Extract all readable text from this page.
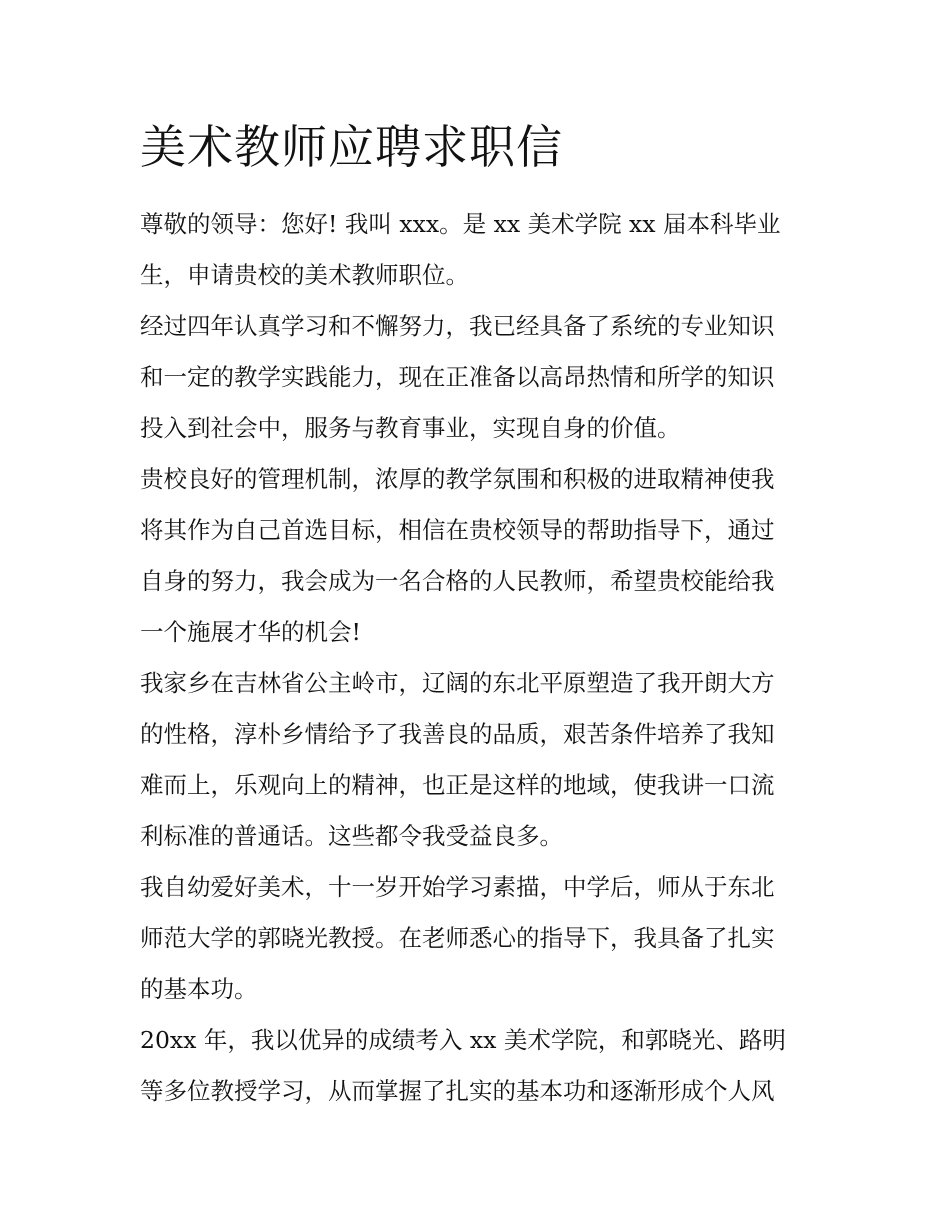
美术教师应聘求职信
尊敬的领导：您好! 我叫 xxx。是 xx 美术学院 xx 届本科毕业
生，申请贵校的美术教师职位。
经过四年认真学习和不懈努力，我已经具备了系统的专业知识
和一定的教学实践能力，现在正准备以高昂热情和所学的知识
投入到社会中，服务与教育事业，实现自身的价值。
贵校良好的管理机制，浓厚的教学氛围和积极的进取精神使我
将其作为自己首选目标，相信在贵校领导的帮助指导下，通过
自身的努力，我会成为一名合格的人民教师，希望贵校能给我
一个施展才华的机会!
我家乡在吉林省公主岭市，辽阔的东北平原塑造了我开朗大方
的性格，淳朴乡情给予了我善良的品质，艰苦条件培养了我知
难而上，乐观向上的精神，也正是这样的地域，使我讲一口流
利标准的普通话。这些都令我受益良多。
我自幼爱好美术，十一岁开始学习素描，中学后，师从于东北
师范大学的郭晓光教授。在老师悉心的指导下，我具备了扎实
的基本功。
20xx 年，我以优异的成绩考入 xx 美术学院，和郭晓光、路明
等多位教授学习，从而掌握了扎实的基本功和逐渐形成个人风
